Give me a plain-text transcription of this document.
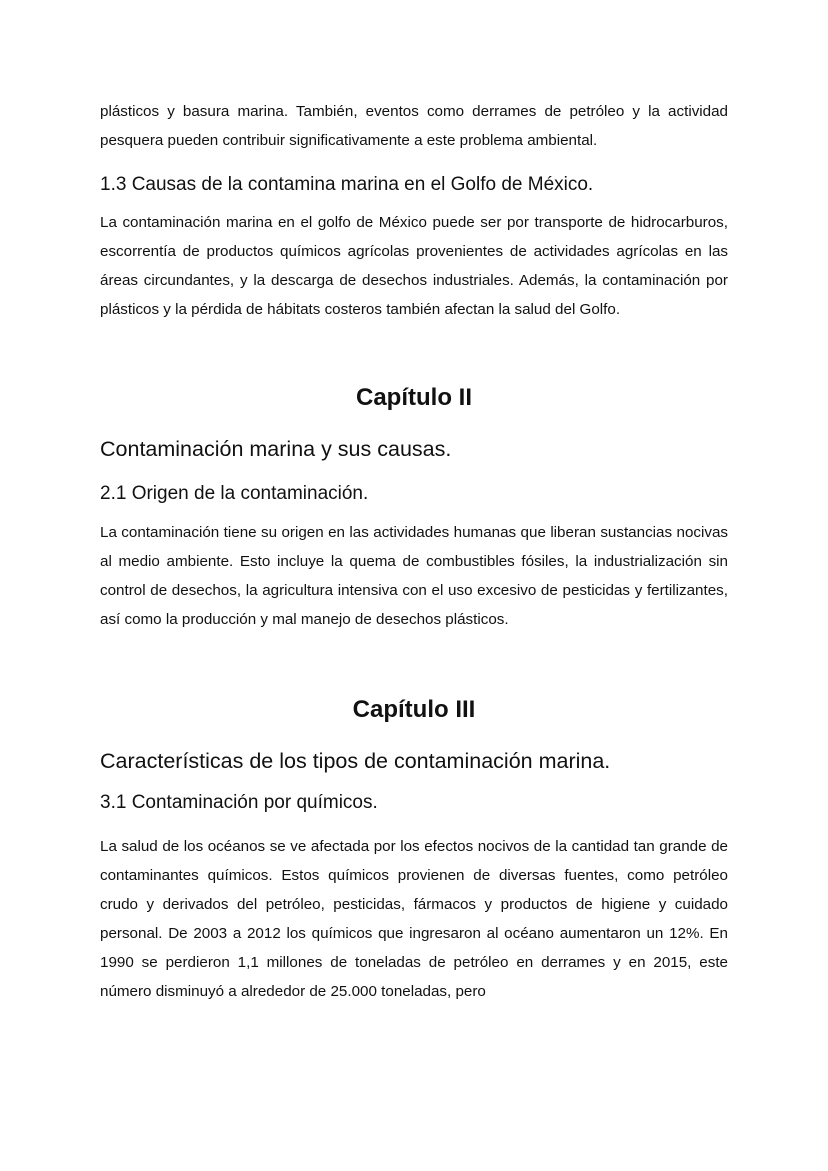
plásticos y basura marina. También, eventos como derrames de petróleo y la actividad pesquera pueden contribuir significativamente a este problema ambiental.

1.3 Causas de la contamina marina en el Golfo de México.

La contaminación marina en el golfo de México puede ser por transporte de hidrocarburos, escorrentía de productos químicos agrícolas provenientes de actividades agrícolas en las áreas circundantes, y la descarga de desechos industriales. Además, la contaminación por plásticos y la pérdida de hábitats costeros también afectan la salud del Golfo.

Capítulo II
Contaminación marina y sus causas.
2.1 Origen de la contaminación.

La contaminación tiene su origen en las actividades humanas que liberan sustancias nocivas al medio ambiente. Esto incluye la quema de combustibles fósiles, la industrialización sin control de desechos, la agricultura intensiva con el uso excesivo de pesticidas y fertilizantes, así como la producción y mal manejo de desechos plásticos.

Capítulo III
Características de los tipos de contaminación marina.
3.1 Contaminación por químicos.

La salud de los océanos se ve afectada por los efectos nocivos de la cantidad tan grande de contaminantes químicos. Estos químicos provienen de diversas fuentes, como petróleo crudo y derivados del petróleo, pesticidas, fármacos y productos de higiene y cuidado personal. De 2003 a 2012 los químicos que ingresaron al océano aumentaron un 12%. En 1990 se perdieron 1,1 millones de toneladas de petróleo en derrames y en 2015, este número disminuyó a alrededor de 25.000 toneladas, pero
